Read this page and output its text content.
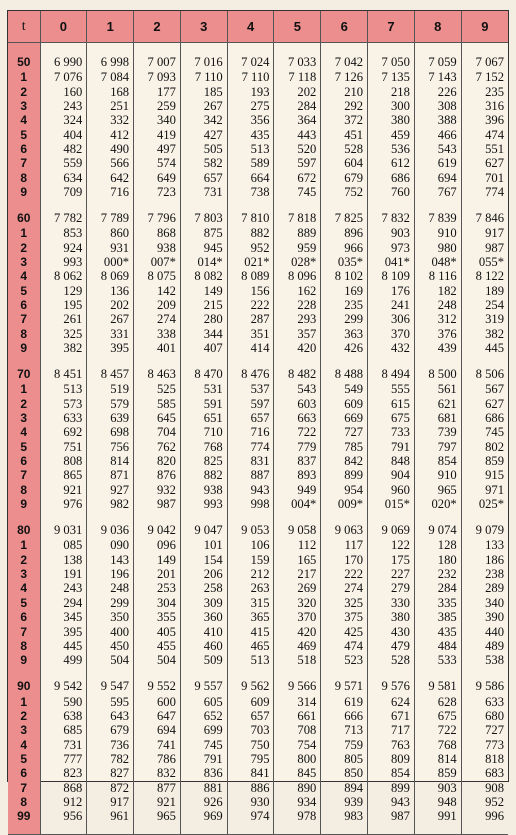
t	0	1	2	3	4	5	6	7	8	9

50	6 990	6 998	7 007	7 016	7 024	7 033	7 042	7 050	7 059	7 067
1	7 076	7 084	7 093	7 110	7 110	7 118	7 126	7 135	7 143	7 152
2	160	168	177	185	193	202	210	218	226	235
3	243	251	259	267	275	284	292	300	308	316
4	324	332	340	342	356	364	372	380	388	396
5	404	412	419	427	435	443	451	459	466	474
6	482	490	497	505	513	520	528	536	543	551
7	559	566	574	582	589	597	604	612	619	627
8	634	642	649	657	664	672	679	686	694	701
9	709	716	723	731	738	745	752	760	767	774

60	7 782	7 789	7 796	7 803	7 810	7 818	7 825	7 832	7 839	7 846
1	853	860	868	875	882	889	896	903	910	917
2	924	931	938	945	952	959	966	973	980	987
3	993	000*	007*	014*	021*	028*	035*	041*	048*	055*
4	8 062	8 069	8 075	8 082	8 089	8 096	8 102	8 109	8 116	8 122
5	129	136	142	149	156	162	169	176	182	189
6	195	202	209	215	222	228	235	241	248	254
7	261	267	274	280	287	293	299	306	312	319
8	325	331	338	344	351	357	363	370	376	382
9	382	395	401	407	414	420	426	432	439	445

70	8 451	8 457	8 463	8 470	8 476	8 482	8 488	8 494	8 500	8 506
1	513	519	525	531	537	543	549	555	561	567
2	573	579	585	591	597	603	609	615	621	627
3	633	639	645	651	657	663	669	675	681	686
4	692	698	704	710	716	722	727	733	739	745
5	751	756	762	768	774	779	785	791	797	802
6	808	814	820	825	831	837	842	848	854	859
7	865	871	876	882	887	893	899	904	910	915
8	921	927	932	938	943	949	954	960	965	971
9	976	982	987	993	998	004*	009*	015*	020*	025*

80	9 031	9 036	9 042	9 047	9 053	9 058	9 063	9 069	9 074	9 079
1	085	090	096	101	106	112	117	122	128	133
2	138	143	149	154	159	165	170	175	180	186
3	191	196	201	206	212	217	222	227	232	238
4	243	248	253	258	263	269	274	279	284	289
5	294	299	304	309	315	320	325	330	335	340
6	345	350	355	360	365	370	375	380	385	390
7	395	400	405	410	415	420	425	430	435	440
8	445	450	455	460	465	469	474	479	484	489
9	499	504	504	509	513	518	523	528	533	538

90	9 542	9 547	9 552	9 557	9 562	9 566	9 571	9 576	9 581	9 586
1	590	595	600	605	609	314	619	624	628	633
2	638	643	647	652	657	661	666	671	675	680
3	685	679	694	699	703	708	713	717	722	727
4	731	736	741	745	750	754	759	763	768	773
5	777	782	786	791	795	800	805	809	814	818
6	823	827	832	836	841	845	850	854	859	683
7	868	872	877	881	886	890	894	899	903	908
8	912	917	921	926	930	934	939	943	948	952
99	956	961	965	969	974	978	983	987	991	996
